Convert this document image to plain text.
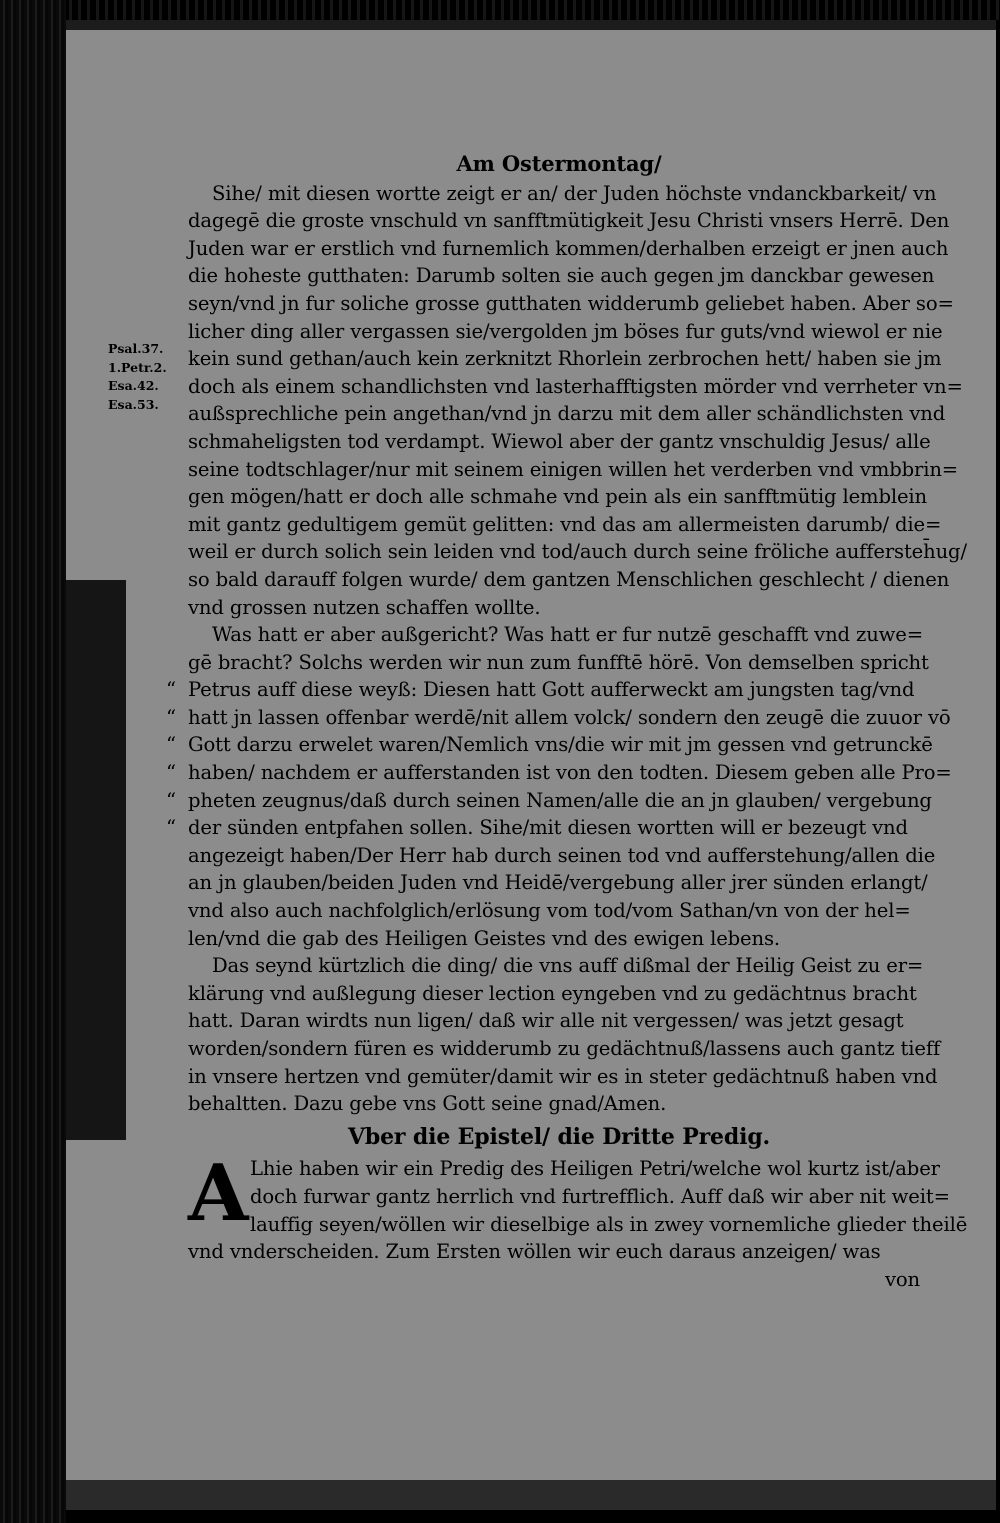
Psal.37.
1.Petr.2.
Esa.42.
Esa.53.
Am Ostermontag/

Sihe/ mit diesen wortte zeigt er an/ der Juden höchste vndanckbarkeit/ vn
dagegē die groste vnschuld vn sanfftmütigkeit Jesu Christi vnsers Herrē. Den
Juden war er erstlich vnd furnemlich kommen/derhalben erzeigt er jnen auch
die hoheste gutthaten: Darumb solten sie auch gegen jm danckbar gewesen
seyn/vnd jn fur soliche grosse gutthaten widderumb geliebet haben. Aber so=
licher ding aller vergassen sie/vergolden jm böses fur guts/vnd wiewol er nie
kein sund gethan/auch kein zerknitzt Rhorlein zerbrochen hett/ haben sie jm
doch als einem schandlichsten vnd lasterhafftigsten mörder vnd verrheter vn=
außsprechliche pein angethan/vnd jn darzu mit dem aller schändlichsten vnd
schmaheligsten tod verdampt. Wiewol aber der gantz vnschuldig Jesus/ alle
seine todtschlager/nur mit seinem einigen willen het verderben vnd vmbbrin=
gen mögen/hatt er doch alle schmahe vnd pein als ein sanfftmütig lemblein
mit gantz gedultigem gemüt gelitten: vnd das am allermeisten darumb/ die=
weil er durch solich sein leiden vnd tod/auch durch seine fröliche auffersteh̄ug/
so bald darauff folgen wurde/ dem gantzen Menschlichen geschlecht / dienen
vnd grossen nutzen schaffen wollte.

Was hatt er aber außgericht? Was hatt er fur nutzē geschafft vnd zuwe=
gē bracht? Solchs werden wir nun zum funfftē hörē. Von demselben spricht
Petrus auff diese weyß: Diesen hatt Gott aufferweckt am jungsten tag/vnd
hatt jn lassen offenbar werdē/nit allem volck/ sondern den zeugē die zuuor vō
Gott darzu erwelet waren/Nemlich vns/die wir mit jm gessen vnd getrunckē
haben/ nachdem er aufferstanden ist von den todten. Diesem geben alle Pro=
pheten zeugnus/daß durch seinen Namen/alle die an jn glauben/ vergebung
der sünden entpfahen sollen. Sihe/mit diesen wortten will er bezeugt vnd
angezeigt haben/Der Herr hab durch seinen tod vnd aufferstehung/allen die
an jn glauben/beiden Juden vnd Heidē/vergebung aller jrer sünden erlangt/
vnd also auch nachfolglich/erlösung vom tod/vom Sathan/vn von der hel=
len/vnd die gab des Heiligen Geistes vnd des ewigen lebens.

Das seynd kürtzlich die ding/ die vns auff dißmal der Heilig Geist zu er=
klärung vnd außlegung dieser lection eyngeben vnd zu gedächtnus bracht
hatt. Daran wirdts nun ligen/ daß wir alle nit vergessen/ was jetzt gesagt
worden/sondern füren es widderumb zu gedächtnuß/lassens auch gantz tieff
in vnsere hertzen vnd gemüter/damit wir es in steter gedächtnuß haben vnd
behaltten. Dazu gebe vns Gott seine gnad/Amen.

Vber die Epistel/ die Dritte Predig.
A Lhie haben wir ein Predig des Heiligen Petri/welche wol kurtz ist/aber
doch furwar gantz herrlich vnd furtrefflich. Auff daß wir aber nit weit=
lauffig seyen/wöllen wir dieselbige als in zwey vornemliche glieder theilē
vnd vnderscheiden. Zum Ersten wöllen wir euch daraus anzeigen/ was
von
